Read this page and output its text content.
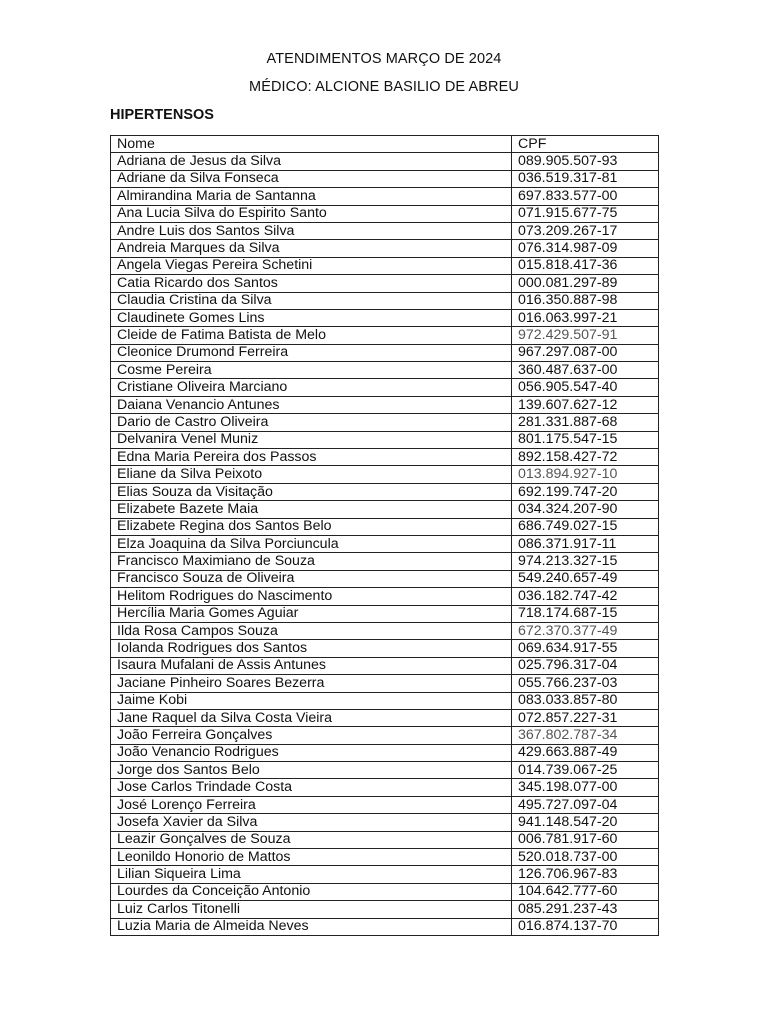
ATENDIMENTOS MARÇO DE 2024
MÉDICO: ALCIONE BASILIO DE ABREU
HIPERTENSOS
Nome	CPF
Adriana de Jesus da Silva	089.905.507-93
Adriane da Silva Fonseca	036.519.317-81
Almirandina Maria de Santanna	697.833.577-00
Ana Lucia Silva do Espirito Santo	071.915.677-75
Andre Luis dos Santos Silva	073.209.267-17
Andreia Marques da Silva	076.314.987-09
Angela Viegas Pereira Schetini	015.818.417-36
Catia Ricardo dos Santos	000.081.297-89
Claudia Cristina da Silva	016.350.887-98
Claudinete Gomes Lins	016.063.997-21
Cleide de Fatima Batista de Melo	972.429.507-91
Cleonice Drumond Ferreira	967.297.087-00
Cosme Pereira	360.487.637-00
Cristiane Oliveira Marciano	056.905.547-40
Daiana Venancio Antunes	139.607.627-12
Dario de Castro Oliveira	281.331.887-68
Delvanira Venel Muniz	801.175.547-15
Edna Maria Pereira dos Passos	892.158.427-72
Eliane da Silva Peixoto	013.894.927-10
Elias Souza da Visitação	692.199.747-20
Elizabete Bazete Maia	034.324.207-90
Elizabete Regina dos Santos Belo	686.749.027-15
Elza Joaquina da Silva Porciuncula	086.371.917-11
Francisco Maximiano de Souza	974.213.327-15
Francisco Souza de Oliveira	549.240.657-49
Helitom Rodrigues do Nascimento	036.182.747-42
Hercília Maria Gomes Aguiar	718.174.687-15
Ilda Rosa Campos Souza	672.370.377-49
Iolanda Rodrigues dos Santos	069.634.917-55
Isaura Mufalani de Assis Antunes	025.796.317-04
Jaciane Pinheiro Soares Bezerra	055.766.237-03
Jaime Kobi	083.033.857-80
Jane Raquel da Silva Costa Vieira	072.857.227-31
João Ferreira Gonçalves	367.802.787-34
João Venancio Rodrigues	429.663.887-49
Jorge dos Santos Belo	014.739.067-25
Jose Carlos Trindade Costa	345.198.077-00
José Lorenço Ferreira	495.727.097-04
Josefa Xavier da Silva	941.148.547-20
Leazir Gonçalves de Souza	006.781.917-60
Leonildo Honorio de Mattos	520.018.737-00
Lilian Siqueira Lima	126.706.967-83
Lourdes da Conceição Antonio	104.642.777-60
Luiz Carlos Titonelli	085.291.237-43
Luzia Maria de Almeida Neves	016.874.137-70
